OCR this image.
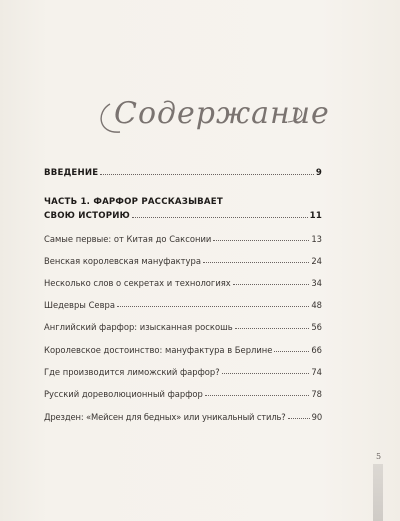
Содержание
ВВЕДЕНИЕ	9
ЧАСТЬ 1. ФАРФОР РАССКАЗЫВАЕТ
СВОЮ ИСТОРИЮ	11
Самые первые: от Китая до Саксонии	13
Венская королевская мануфактура	24
Несколько слов о секретах и технологиях	34
Шедевры Севра	48
Английский фарфор: изысканная роскошь	56
Королевское достоинство: мануфактура в Берлине	66
Где производится лиможский фарфор?	74
Русский дореволюционный фарфор	78
Дрезден: «Мейсен для бедных» или уникальный стиль?	90
5
